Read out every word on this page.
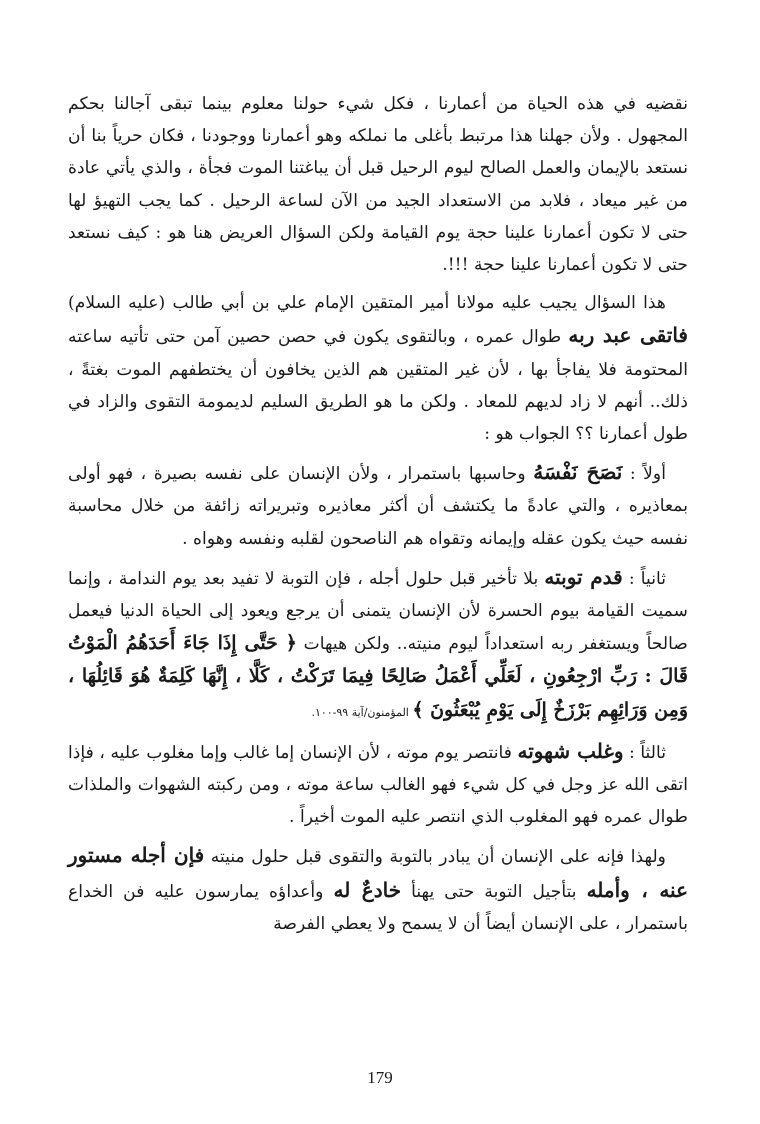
نقضيه في هذه الحياة من أعمارنا ، فكل شيء حولنا معلوم بينما تبقى آجالنا بحكم المجهول . ولأن جهلنا هذا مرتبط بأغلى ما نملكه وهو أعمارنا ووجودنا ، فكان حرياً بنا أن نستعد بالإيمان والعمل الصالح ليوم الرحيل قبل أن يباغتنا الموت فجأة ، والذي يأتي عادة من غير ميعاد ، فلابد من الاستعداد الجيد من الآن لساعة الرحيل . كما يجب التهيؤ لها حتى لا تكون أعمارنا علينا حجة يوم القيامة ولكن السؤال العريض هنا هو : كيف نستعد حتى لا تكون أعمارنا علينا حجة !!!.

هذا السؤال يجيب عليه مولانا أمير المتقين الإمام علي بن أبي طالب (عليه السلام) فاتقى عبد ربه طوال عمره ، وبالتقوى يكون في حصن حصين آمن حتى تأتيه ساعته المحتومة فلا يفاجأ بها ، لأن غير المتقين هم الذين يخافون أن يختطفهم الموت بغتةً ، ذلك.. أنهم لا زاد لديهم للمعاد . ولكن ما هو الطريق السليم لديمومة التقوى والزاد في طول أعمارنا ؟؟ الجواب هو :

أولاً : نَصَحَ نَفْسَهُ وحاسبها باستمرار ، ولأن الإنسان على نفسه بصيرة ، فهو أولى بمعاذيره ، والتي عادةً ما يكتشف أن أكثر معاذيره وتبريراته زائفة من خلال محاسبة نفسه حيث يكون عقله وإيمانه وتقواه هم الناصحون لقلبه ونفسه وهواه .

ثانياً : قدم توبته بلا تأخير قبل حلول أجله ، فإن التوبة لا تفيد بعد يوم الندامة ، وإنما سميت القيامة بيوم الحسرة لأن الإنسان يتمنى أن يرجع ويعود إلى الحياة الدنيا فيعمل صالحاً ويستغفر ربه استعداداً ليوم منيته.. ولكن هيهات ﴿ حَتَّى إِذَا جَاءَ أَحَدَهُمُ الْمَوْتُ قَالَ : رَبِّ ارْجِعُونِ ، لَعَلِّي أَعْمَلُ صَالِحًا فِيمَا تَرَكْتُ ، كَلَّا ، إِنَّهَا كَلِمَةٌ هُوَ قَائِلُهَا ، وَمِن وَرَائِهِم بَرْزَخٌ إِلَى يَوْمِ يُبْعَثُونَ ﴾ المؤمنون/آية ٩٩-١٠٠.

ثالثاً : وغلب شهوته فانتصر يوم موته ، لأن الإنسان إما غالب وإما مغلوب عليه ، فإذا اتقى الله عز وجل في كل شيء فهو الغالب ساعة موته ، ومن ركبته الشهوات والملذات طوال عمره فهو المغلوب الذي انتصر عليه الموت أخيراً .

ولهذا فإنه على الإنسان أن يبادر بالتوبة والتقوى قبل حلول منيته فإن أجله مستور عنه ، وأمله بتأجيل التوبة حتى يهنأ خادعٌ له وأعداؤه يمارسون عليه فن الخداع باستمرار ، على الإنسان أيضاً أن لا يسمح ولا يعطي الفرصة

179
